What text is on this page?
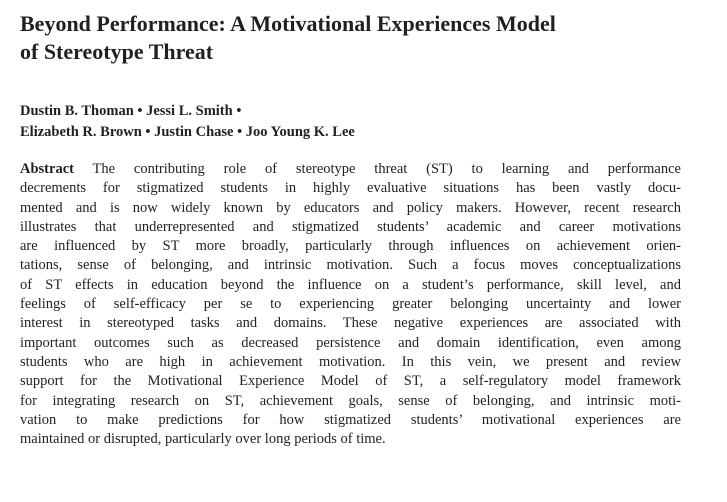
Beyond Performance: A Motivational Experiences Model
of Stereotype Threat
Dustin B. Thoman • Jessi L. Smith •
Elizabeth R. Brown • Justin Chase • Joo Young K. Lee
Abstract The contributing role of stereotype threat (ST) to learning and performance
decrements for stigmatized students in highly evaluative situations has been vastly docu-
mented and is now widely known by educators and policy makers. However, recent research
illustrates that underrepresented and stigmatized students’ academic and career motivations
are influenced by ST more broadly, particularly through influences on achievement orien-
tations, sense of belonging, and intrinsic motivation. Such a focus moves conceptualizations
of ST effects in education beyond the influence on a student’s performance, skill level, and
feelings of self-efficacy per se to experiencing greater belonging uncertainty and lower
interest in stereotyped tasks and domains. These negative experiences are associated with
important outcomes such as decreased persistence and domain identification, even among
students who are high in achievement motivation. In this vein, we present and review
support for the Motivational Experience Model of ST, a self-regulatory model framework
for integrating research on ST, achievement goals, sense of belonging, and intrinsic moti-
vation to make predictions for how stigmatized students’ motivational experiences are
maintained or disrupted, particularly over long periods of time.
